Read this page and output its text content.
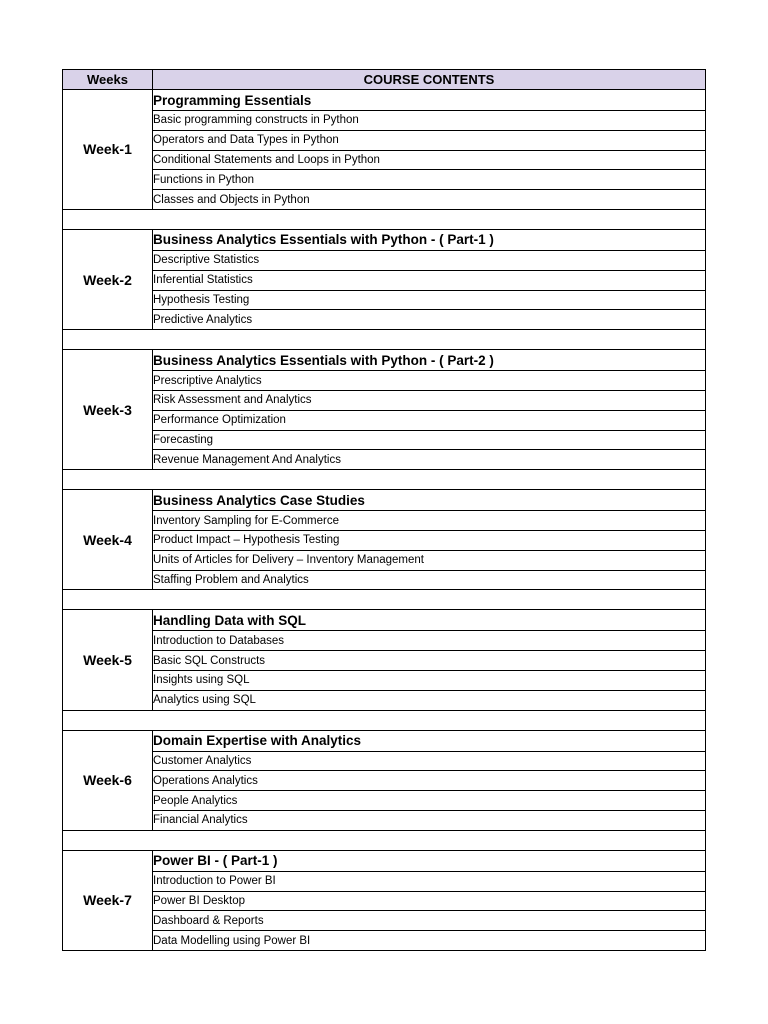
Weeks	COURSE CONTENTS
Week-1	Programming Essentials
	Basic programming constructs in Python
	Operators and Data Types in Python
	Conditional Statements and Loops in Python
	Functions in Python
	Classes and Objects in Python

Week-2	Business Analytics Essentials with Python - ( Part-1 )
	Descriptive Statistics
	Inferential Statistics
	Hypothesis Testing
	Predictive Analytics

Week-3	Business Analytics Essentials with Python - ( Part-2 )
	Prescriptive Analytics
	Risk Assessment and Analytics
	Performance Optimization
	Forecasting
	Revenue Management And Analytics

Week-4	Business Analytics Case Studies
	Inventory Sampling for E-Commerce
	Product Impact – Hypothesis Testing
	Units of Articles for Delivery – Inventory Management
	Staffing Problem and Analytics

Week-5	Handling Data with SQL
	Introduction to Databases
	Basic SQL Constructs
	Insights using SQL
	Analytics using SQL

Week-6	Domain Expertise with Analytics
	Customer Analytics
	Operations Analytics
	People Analytics
	Financial Analytics

Week-7	Power BI - ( Part-1 )
	Introduction to Power BI
	Power BI Desktop
	Dashboard & Reports
	Data Modelling using Power BI
